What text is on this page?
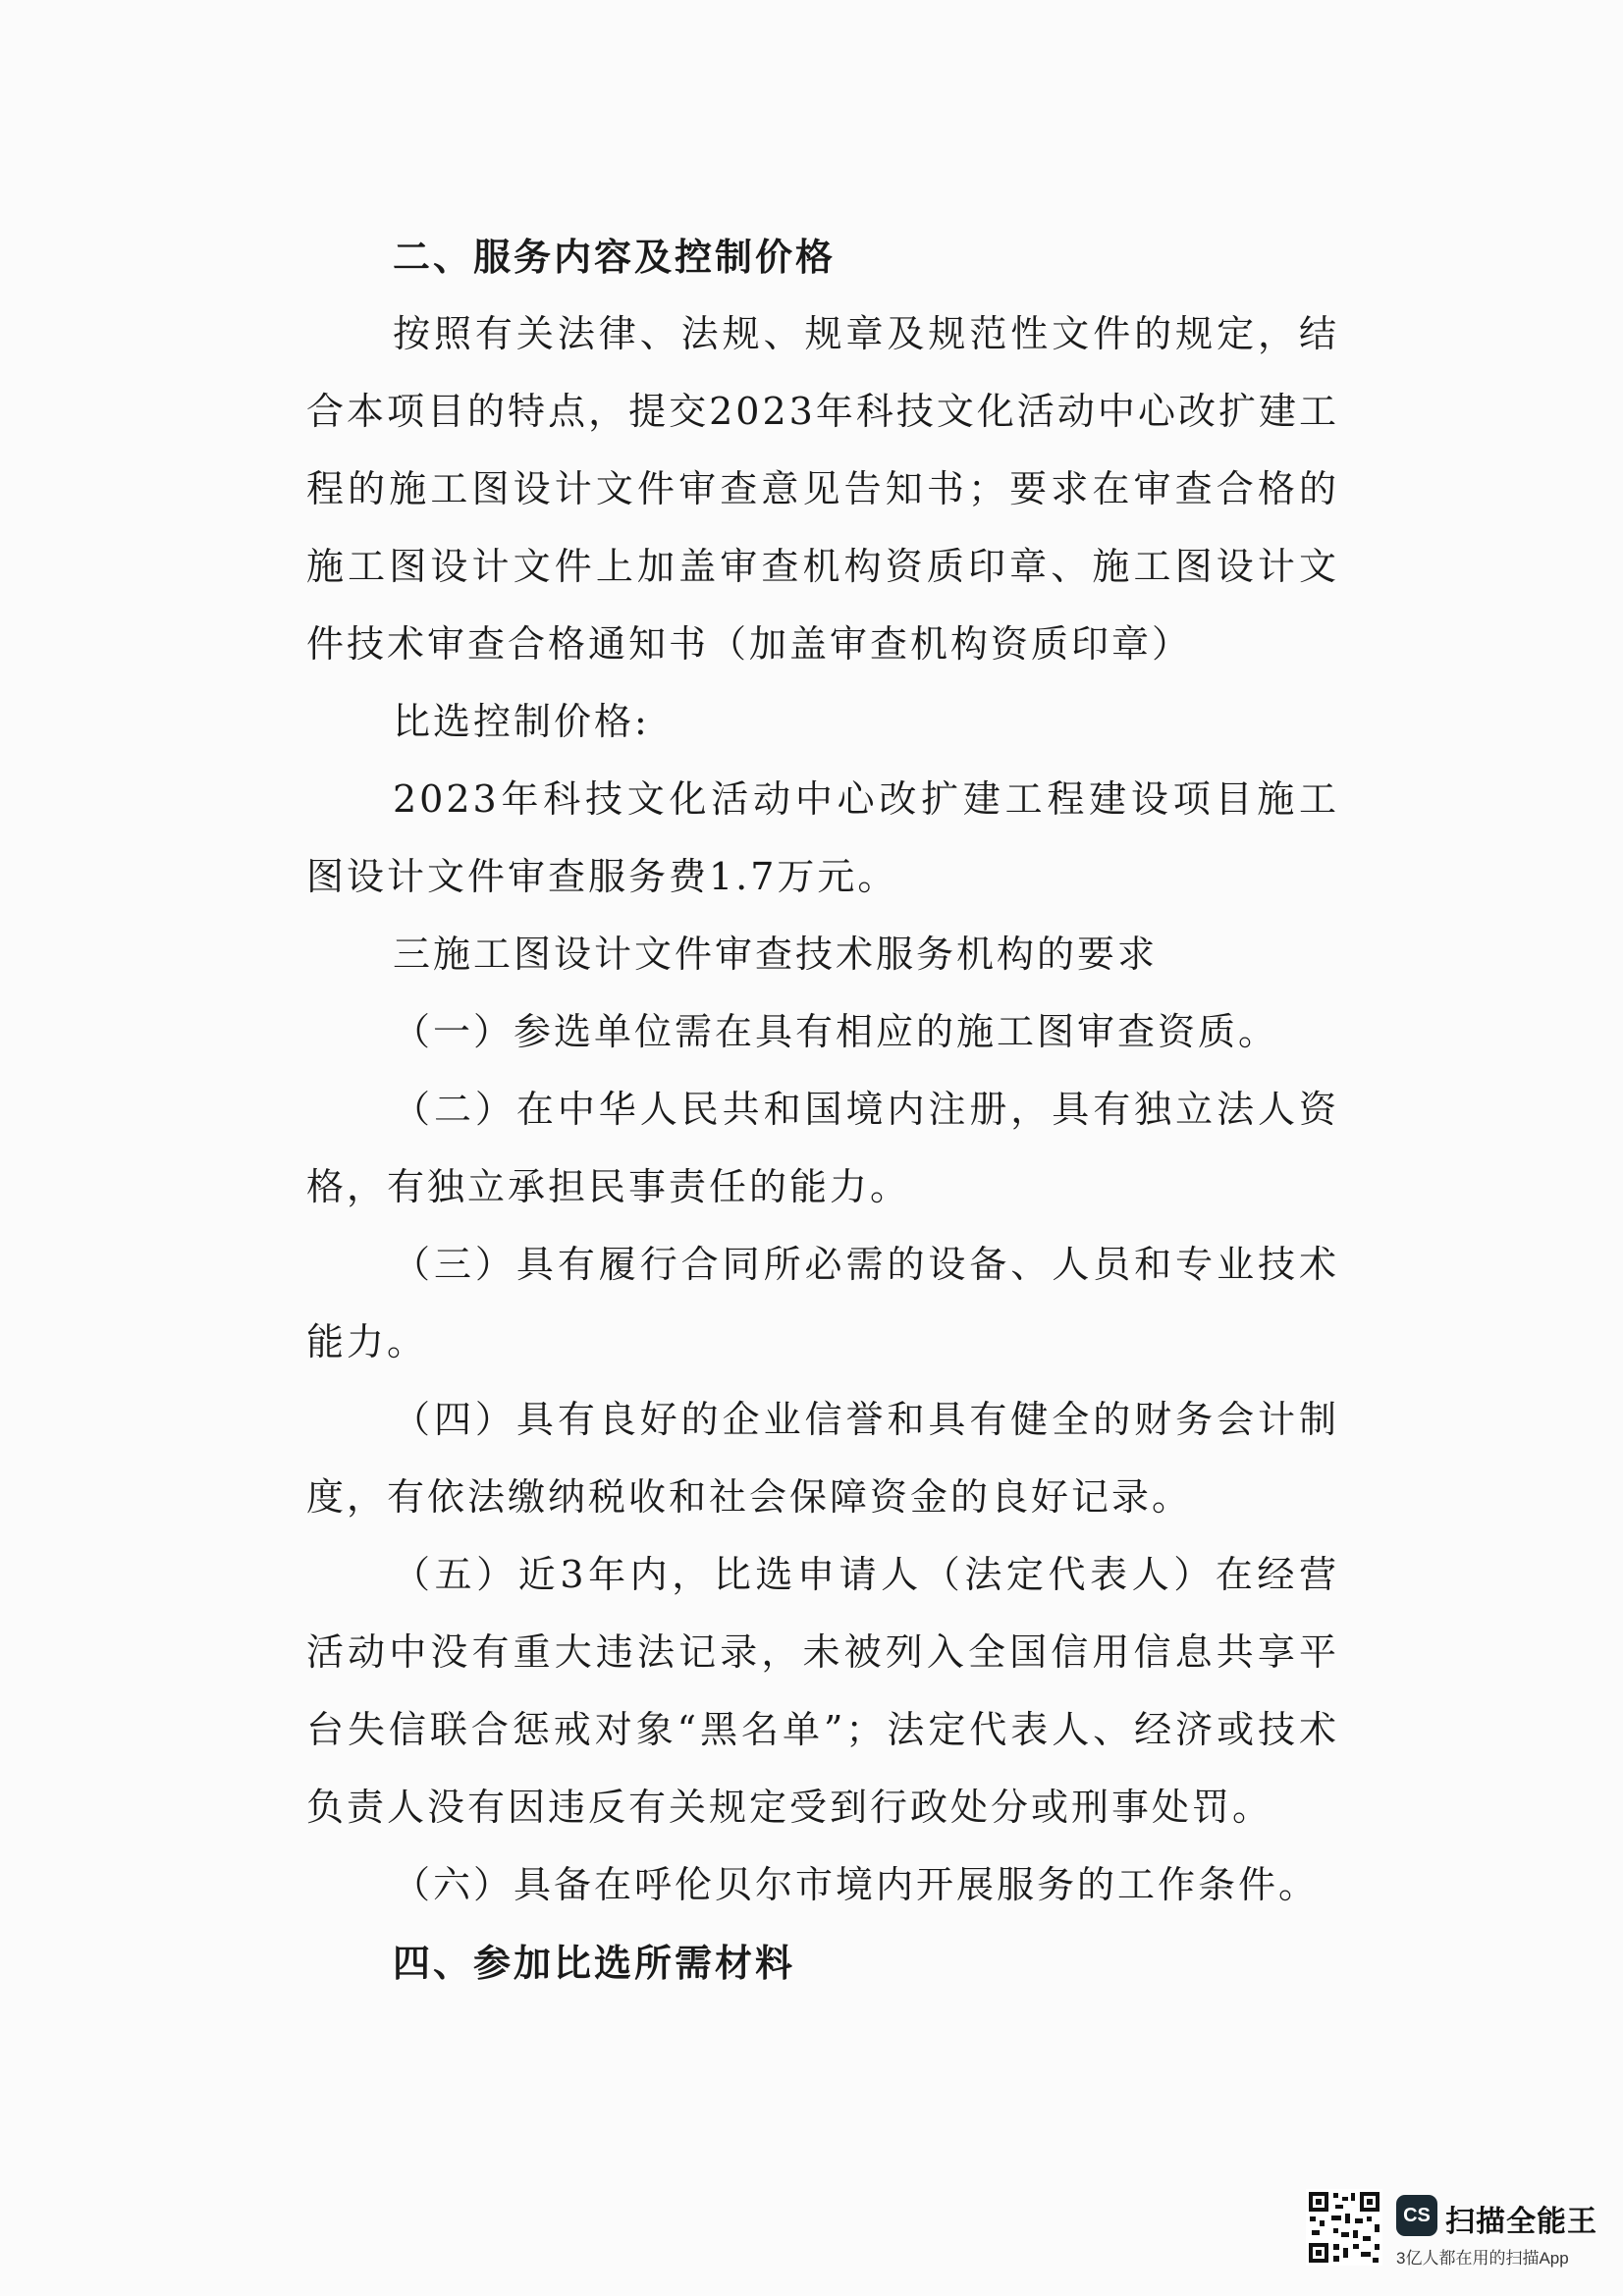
二、服务内容及控制价格

按照有关法律、法规、规章及规范性文件的规定，结合本项目的特点，提交2023年科技文化活动中心改扩建工程的施工图设计文件审查意见告知书；要求在审查合格的施工图设计文件上加盖审查机构资质印章、施工图设计文件技术审查合格通知书（加盖审查机构资质印章）

比选控制价格:

2023年科技文化活动中心改扩建工程建设项目施工图设计文件审查服务费1.7万元。

三施工图设计文件审查技术服务机构的要求

（一）参选单位需在具有相应的施工图审查资质。

（二）在中华人民共和国境内注册，具有独立法人资格，有独立承担民事责任的能力。

（三）具有履行合同所必需的设备、人员和专业技术能力。

（四）具有良好的企业信誉和具有健全的财务会计制度，有依法缴纳税收和社会保障资金的良好记录。

（五）近3年内，比选申请人（法定代表人）在经营活动中没有重大违法记录，未被列入全国信用信息共享平台失信联合惩戒对象“黑名单”；法定代表人、经济或技术负责人没有因违反有关规定受到行政处分或刑事处罚。

（六）具备在呼伦贝尔市境内开展服务的工作条件。

四、参加比选所需材料

CS 扫描全能王
3亿人都在用的扫描App
